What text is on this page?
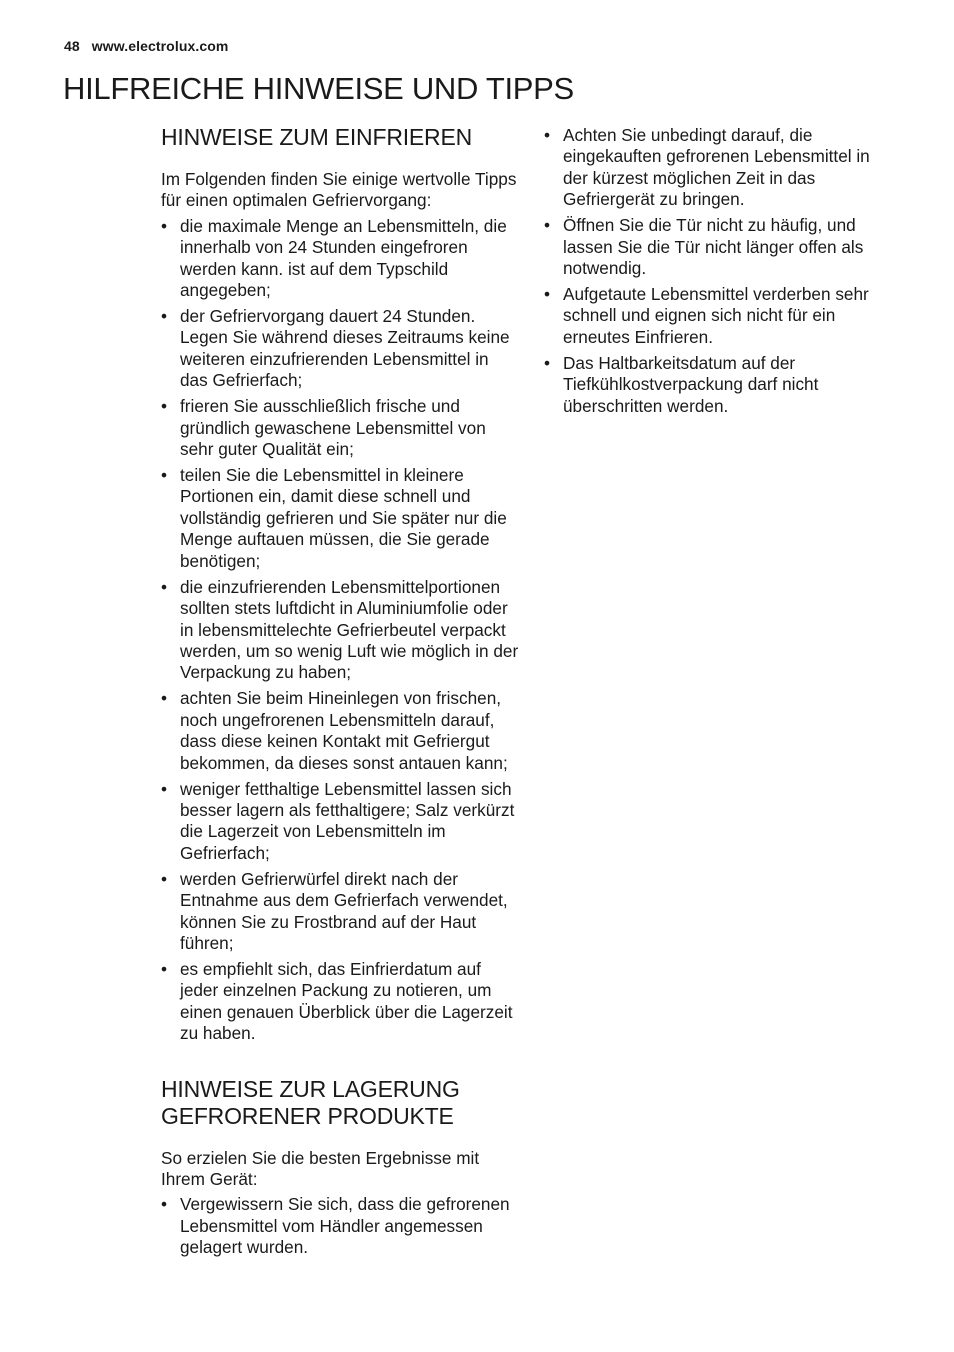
48 www.electrolux.com
HILFREICHE HINWEISE UND TIPPS
HINWEISE ZUM EINFRIEREN

Im Folgenden finden Sie einige wertvolle Tipps für einen optimalen Gefriervorgang:

• die maximale Menge an Lebensmitteln, die innerhalb von 24 Stunden eingefroren werden kann. ist auf dem Typschild angegeben;
• der Gefriervorgang dauert 24 Stunden. Legen Sie während dieses Zeitraums keine weiteren einzufrierenden Lebensmittel in das Gefrierfach;
• frieren Sie ausschließlich frische und gründlich gewaschene Lebensmittel von sehr guter Qualität ein;
• teilen Sie die Lebensmittel in kleinere Portionen ein, damit diese schnell und vollständig gefrieren und Sie später nur die Menge auftauen müssen, die Sie gerade benötigen;
• die einzufrierenden Lebensmittelportionen sollten stets luftdicht in Aluminiumfolie oder in lebensmittelechte Gefrierbeutel verpackt werden, um so wenig Luft wie möglich in der Verpackung zu haben;
• achten Sie beim Hineinlegen von frischen, noch ungefrorenen Lebensmitteln darauf, dass diese keinen Kontakt mit Gefriergut bekommen, da dieses sonst antauen kann;
• weniger fetthaltige Lebensmittel lassen sich besser lagern als fetthaltigere; Salz verkürzt die Lagerzeit von Lebensmitteln im Gefrierfach;
• werden Gefrierwürfel direkt nach der Entnahme aus dem Gefrierfach verwendet, können Sie zu Frostbrand auf der Haut führen;
• es empfiehlt sich, das Einfrierdatum auf jeder einzelnen Packung zu notieren, um einen genauen Überblick über die Lagerzeit zu haben.
HINWEISE ZUR LAGERUNG
GEFRORENER PRODUKTE

So erzielen Sie die besten Ergebnisse mit Ihrem Gerät:

• Vergewissern Sie sich, dass die gefrorenen Lebensmittel vom Händler angemessen gelagert wurden.
• Achten Sie unbedingt darauf, die eingekauften gefrorenen Lebensmittel in der kürzest möglichen Zeit in das Gefriergerät zu bringen.
• Öffnen Sie die Tür nicht zu häufig, und lassen Sie die Tür nicht länger offen als notwendig.
• Aufgetaute Lebensmittel verderben sehr schnell und eignen sich nicht für ein erneutes Einfrieren.
• Das Haltbarkeitsdatum auf der Tiefkühlkostverpackung darf nicht überschritten werden.
